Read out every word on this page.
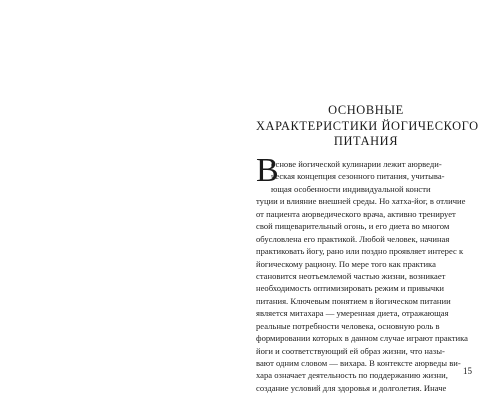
ОСНОВНЫЕ
ХАРАКТЕРИСТИКИ ЙОГИЧЕСКОГО
ПИТАНИЯ
В
основе йогической кулинарии лежит аюрведи-
ческая концепция сезонного питания, учитыва-
ющая особенности индивидуальной консти
туции и влияние внешней среды. Но хатха-йог, в отличие
от пациента аюрведического врача, активно тренирует
свой пищеварительный огонь, и его диета во многом
обусловлена его практикой. Любой человек, начиная
практиковать йогу, рано или поздно проявляет интерес к
йогическому рациону. По мере того как практика
становится неотъемлемой частью жизни, возникает
необходимость оптимизировать режим и привычки
питания. Ключевым понятием в йогическом питании
является митахара — умеренная диета, отражающая
реальные потребности человека, основную роль в
формировании которых в данном случае играют практика
йоги и соответствующий ей образ жизни, что назы-
вают одним словом — вихара. В контексте аюрведы ви-
хара означает деятельность по поддержанию жизни,
создание условий для здоровья и долголетия. Иначе
15
